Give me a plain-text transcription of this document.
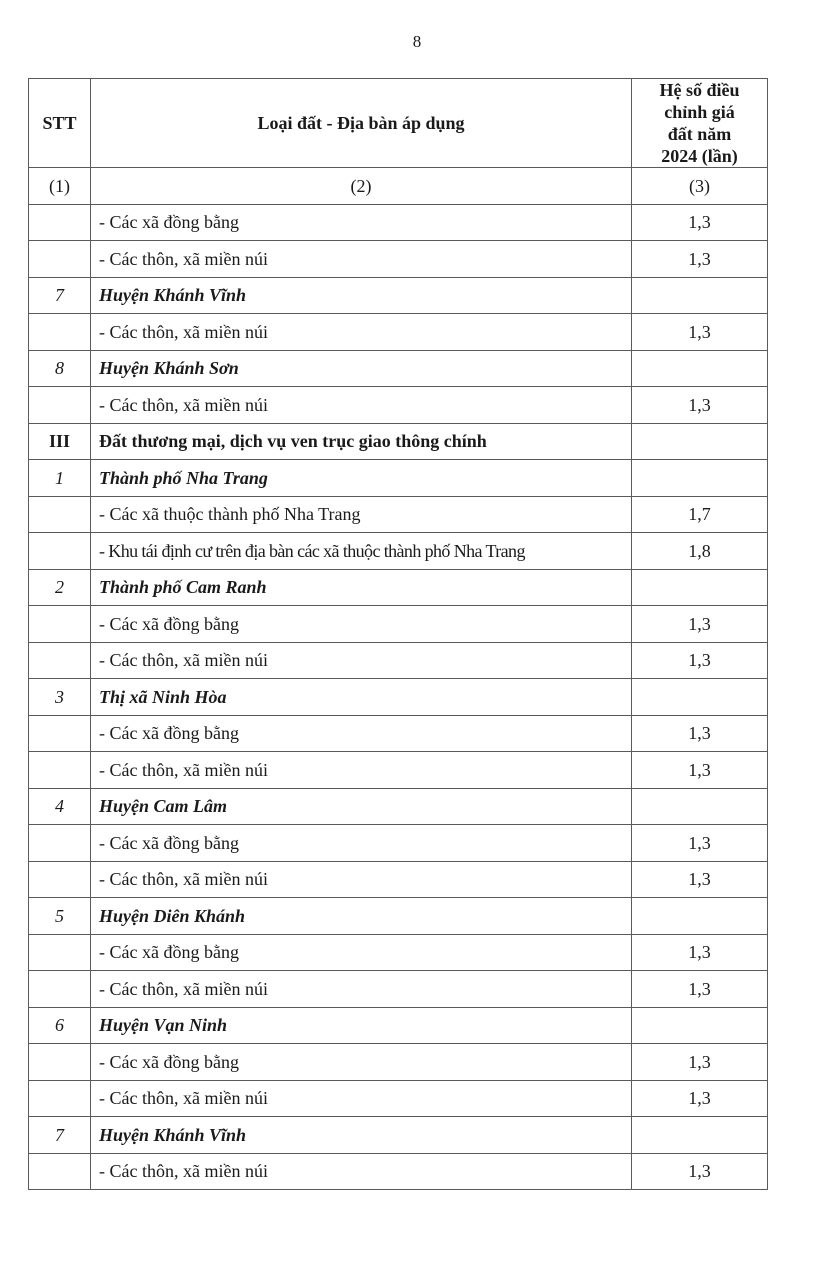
8
STT	Loại đất - Địa bàn áp dụng	Hệ số điều
chỉnh giá
đất năm
2024 (lần)
(1)	(2)	(3)
	- Các xã đồng bằng	1,3
	- Các thôn, xã miền núi	1,3
7	Huyện Khánh Vĩnh	
	- Các thôn, xã miền núi	1,3
8	Huyện Khánh Sơn	
	- Các thôn, xã miền núi	1,3
III	Đất thương mại, dịch vụ ven trục giao thông chính	
1	Thành phố Nha Trang	
	- Các xã thuộc thành phố Nha Trang	1,7
	- Khu tái định cư trên địa bàn các xã thuộc thành phố Nha Trang	1,8
2	Thành phố Cam Ranh	
	- Các xã đồng bằng	1,3
	- Các thôn, xã miền núi	1,3
3	Thị xã Ninh Hòa	
	- Các xã đồng bằng	1,3
	- Các thôn, xã miền núi	1,3
4	Huyện Cam Lâm	
	- Các xã đồng bằng	1,3
	- Các thôn, xã miền núi	1,3
5	Huyện Diên Khánh	
	- Các xã đồng bằng	1,3
	- Các thôn, xã miền núi	1,3
6	Huyện Vạn Ninh	
	- Các xã đồng bằng	1,3
	- Các thôn, xã miền núi	1,3
7	Huyện Khánh Vĩnh	
	- Các thôn, xã miền núi	1,3
